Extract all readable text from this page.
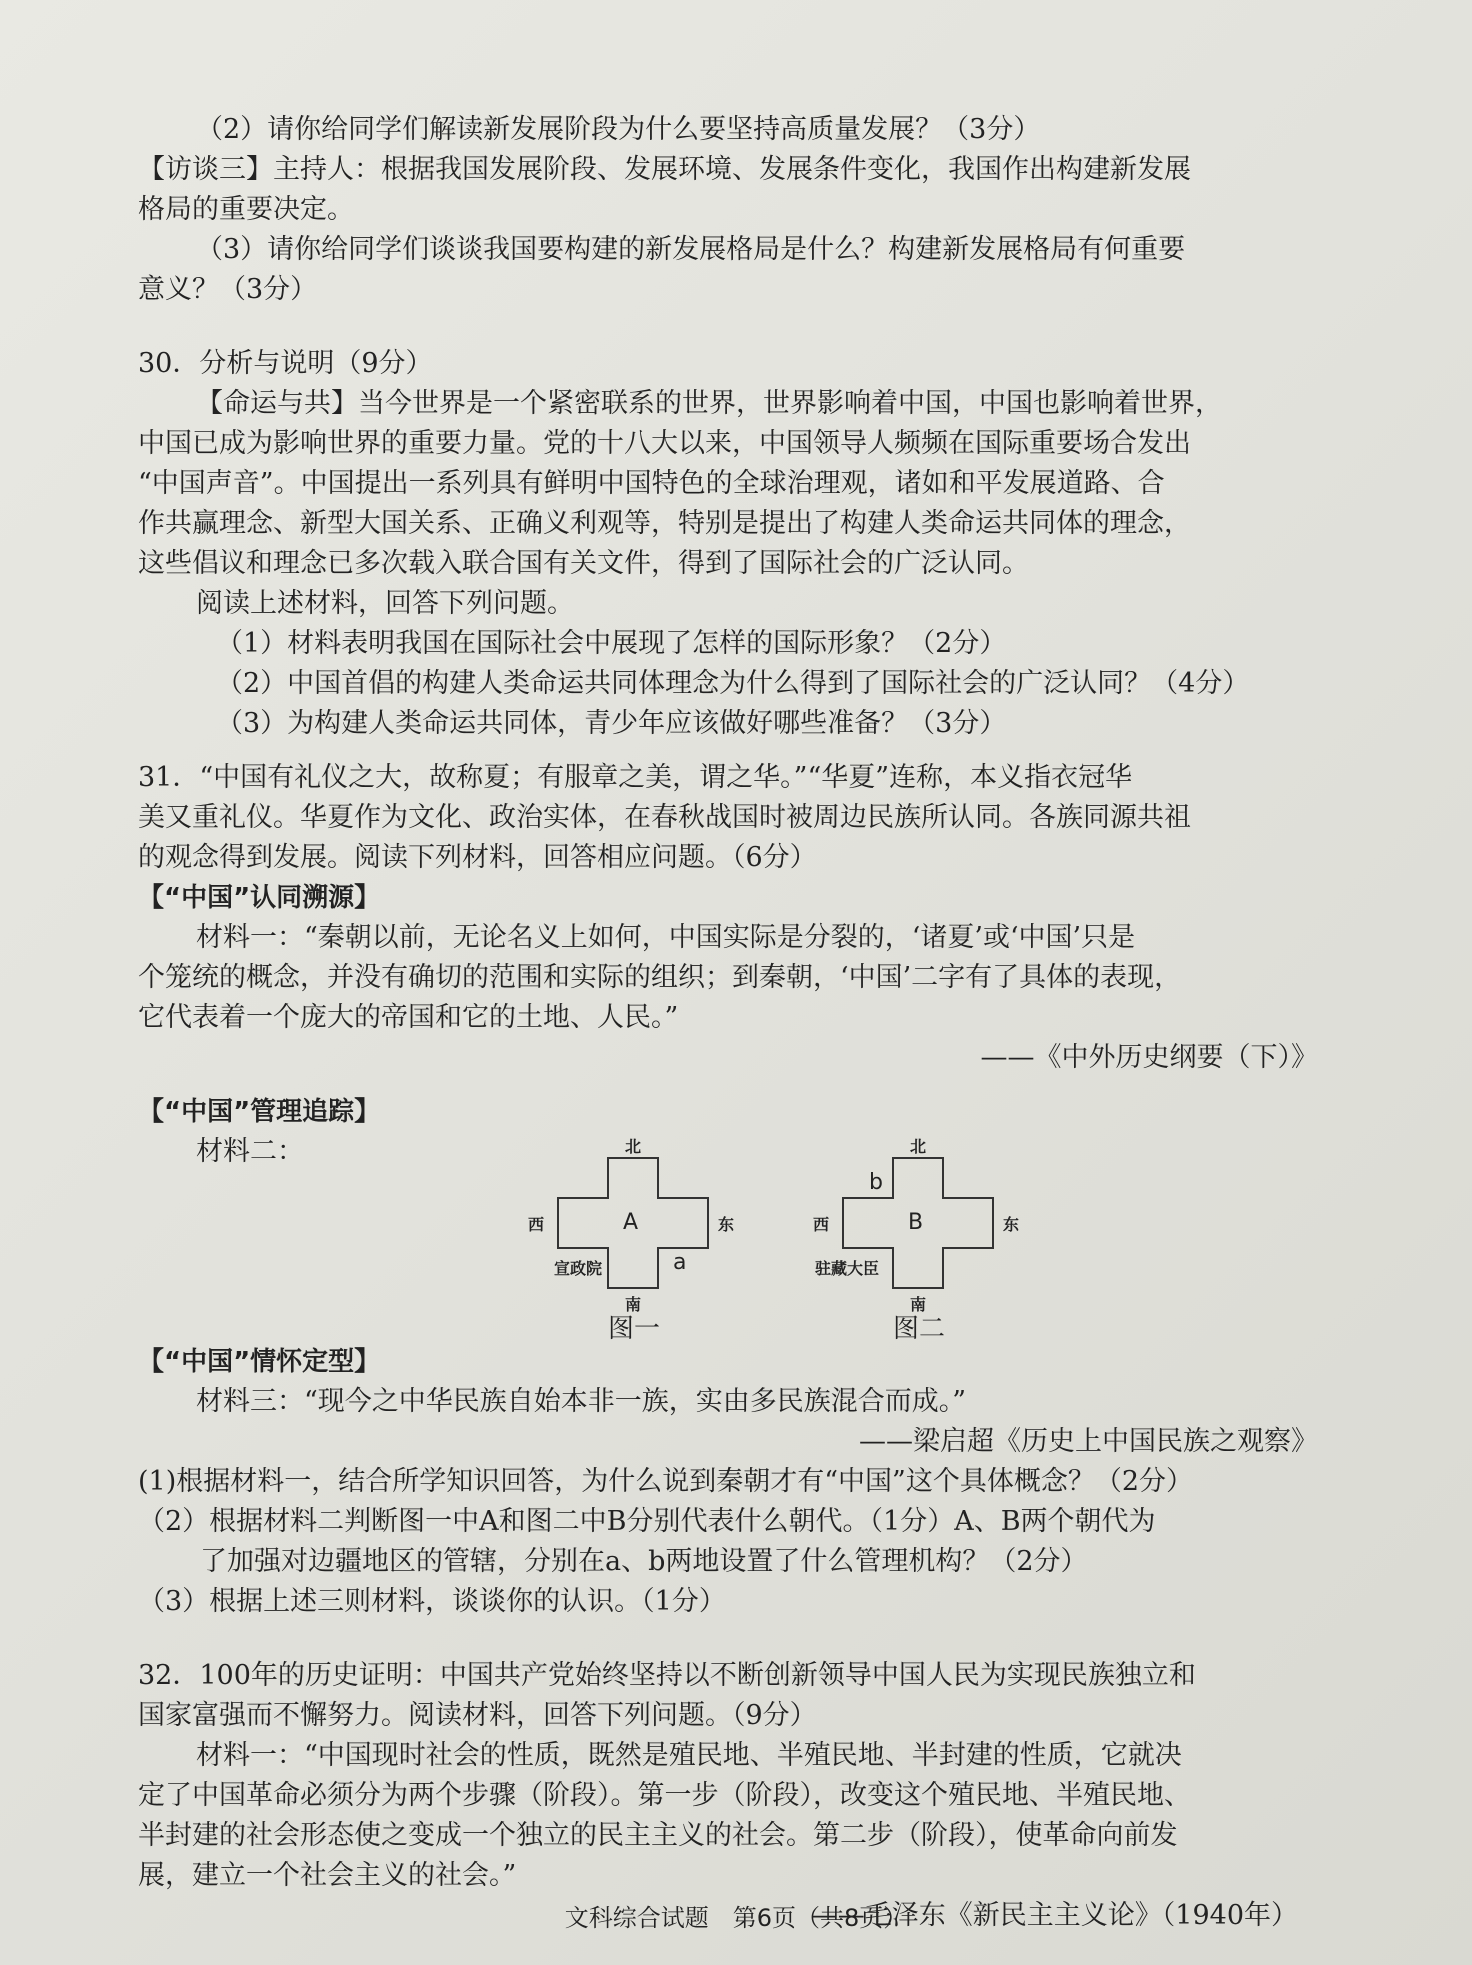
（2）请你给同学们解读新发展阶段为什么要坚持高质量发展？（3分）
【访谈三】主持人：根据我国发展阶段、发展环境、发展条件变化，我国作出构建新发展
格局的重要决定。
（3）请你给同学们谈谈我国要构建的新发展格局是什么？构建新发展格局有何重要
意义？（3分）
30．分析与说明（9分）
【命运与共】当今世界是一个紧密联系的世界，世界影响着中国，中国也影响着世界，
中国已成为影响世界的重要力量。党的十八大以来，中国领导人频频在国际重要场合发出
“中国声音”。中国提出一系列具有鲜明中国特色的全球治理观，诸如和平发展道路、合
作共赢理念、新型大国关系、正确义利观等，特别是提出了构建人类命运共同体的理念，
这些倡议和理念已多次载入联合国有关文件，得到了国际社会的广泛认同。
阅读上述材料，回答下列问题。
（1）材料表明我国在国际社会中展现了怎样的国际形象？（2分）
（2）中国首倡的构建人类命运共同体理念为什么得到了国际社会的广泛认同？（4分）
（3）为构建人类命运共同体，青少年应该做好哪些准备？（3分）
31．“中国有礼仪之大，故称夏；有服章之美，谓之华。”“华夏”连称，本义指衣冠华
美又重礼仪。华夏作为文化、政治实体，在春秋战国时被周边民族所认同。各族同源共祖
的观念得到发展。阅读下列材料，回答相应问题。（6分）
【“中国”认同溯源】
材料一：“秦朝以前，无论名义上如何，中国实际是分裂的，‘诸夏’或‘中国’只是
个笼统的概念，并没有确切的范围和实际的组织；到秦朝，‘中国’二字有了具体的表现，
它代表着一个庞大的帝国和它的土地、人民。”
——《中外历史纲要（下）》
【“中国”管理追踪】
材料二：	北
西	东
南
A
a
宣政院
图一
北
西	东
南
B
b
驻藏大臣
图二
【“中国”情怀定型】
材料三：“现今之中华民族自始本非一族，实由多民族混合而成。”
——梁启超《历史上中国民族之观察》
(1)根据材料一，结合所学知识回答，为什么说到秦朝才有“中国”这个具体概念？（2分）
（2）根据材料二判断图一中A和图二中B分别代表什么朝代。（1分）A、B两个朝代为
了加强对边疆地区的管辖，分别在a、b两地设置了什么管理机构？（2分）
（3）根据上述三则材料，谈谈你的认识。（1分）
32．100年的历史证明：中国共产党始终坚持以不断创新领导中国人民为实现民族独立和
国家富强而不懈努力。阅读材料，回答下列问题。（9分）
材料一：“中国现时社会的性质，既然是殖民地、半殖民地、半封建的性质，它就决
定了中国革命必须分为两个步骤（阶段）。第一步（阶段），改变这个殖民地、半殖民地、
半封建的社会形态使之变成一个独立的民主主义的社会。第二步（阶段），使革命向前发
展，建立一个社会主义的社会。”
——毛泽东《新民主主义论》（1940年）
文科综合试题　第6页（共8页）
